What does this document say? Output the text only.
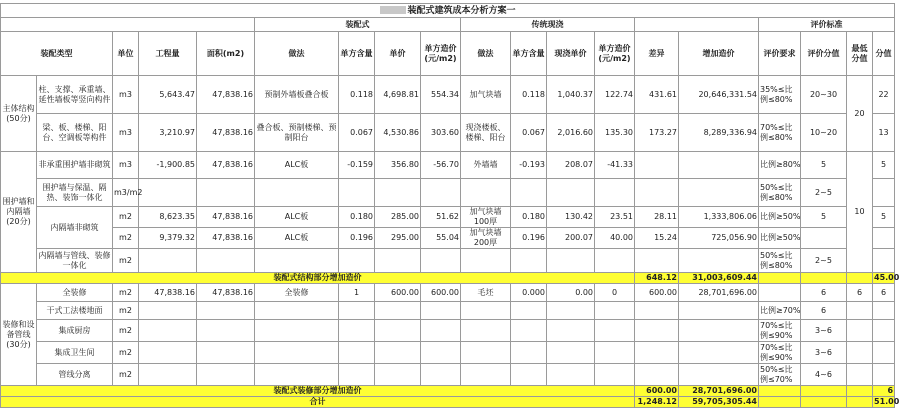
装配式建筑成本分析方案一																		
					装配式				传统现浇						评价标准			
装配类型		单位	工程量	面积(m2)	做法	单方含量	单价	单方造价(元/m2)	做法	单方含量	现浇单价	单方造价(元/m2)	差异	增加造价	评价要求	评价分值	最低分值	分值
主体结构(50分)	柱、支撑、承重墙、延性墙板等竖向构件	m3	5,643.47	47,838.16	预制外墙板叠合板	0.118	4,698.81	554.34	加气块墙	0.118	1,040.37	122.74	431.61	20,646,331.54	35%≤比例≤80%	20~30	20	22
	梁、板、楼梯、阳台、空调板等构件	m3	3,210.97	47,838.16	叠合板、预制楼梯、预制阳台	0.067	4,530.86	303.60	现浇楼板、楼梯、阳台	0.067	2,016.60	135.30	173.27	8,289,336.94	70%≤比例≤80%	10~20		13
围护墙和内隔墙(20分)	非承重围护墙非砌筑	m3	-1,900.85	47,838.16	ALC板	-0.159	356.80	-56.70	外墙墙	-0.193	208.07	-41.33			比例≥80%	5	10	5
	围护墙与保温、隔热、装饰一体化	m3/m2													50%≤比例≤80%	2~5		
	内隔墙非砌筑	m2	8,623.35	47,838.16	ALC板	0.180	285.00	51.62	加气块墙100厚	0.180	130.42	23.51	28.11	1,333,806.06	比例≥50%	5		5
		m2	9,379.32	47,838.16	ALC板	0.196	295.00	55.04	加气块墙200厚	0.196	200.07	40.00	15.24	725,056.90	比例≥50%			
	内隔墙与管线、装修一体化	m2													50%≤比例≤80%	2~5		
装配式结构部分增加造价													648.12	31,003,609.44				45.00
装修和设备管线(30分)	全装修	m2	47,838.16	47,838.16	全装修	1	600.00	600.00	毛坯	0.000	0.00	0	600.00	28,701,696.00		6	6	6
	干式工法楼地面	m2													比例≥70%	6		
	集成厨房	m2													70%≤比例≤90%	3~6		
	集成卫生间	m2													70%≤比例≤90%	3~6		
	管线分离	m2													50%≤比例≤70%	4~6		
装配式装修部分增加造价													600.00	28,701,696.00				6
合计													1,248.12	59,705,305.44				51.00
